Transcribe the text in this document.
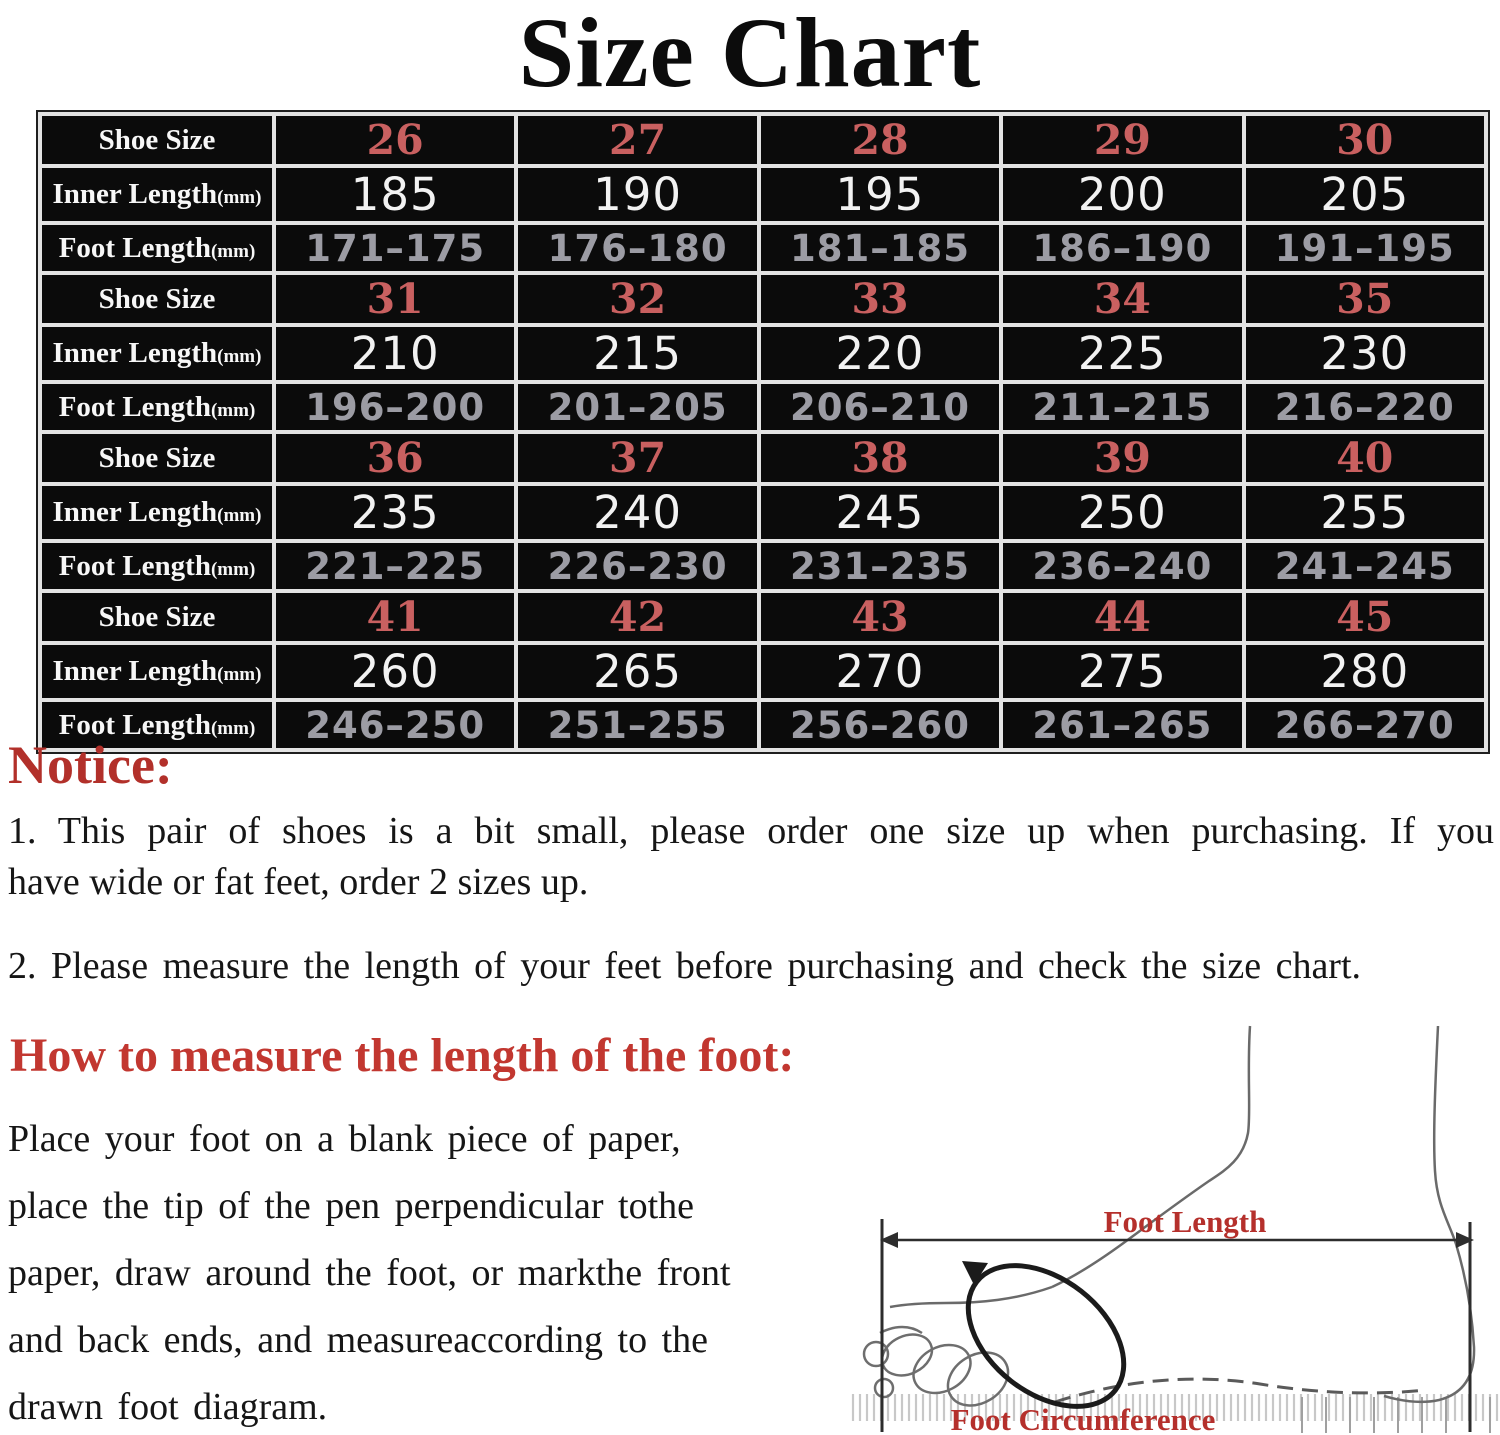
Size Chart
Shoe Size	26	27	28	29	30
Inner Length(mm)	185	190	195	200	205
Foot Length(mm)	171–175	176–180	181–185	186–190	191–195
Shoe Size	31	32	33	34	35
Inner Length(mm)	210	215	220	225	230
Foot Length(mm)	196–200	201–205	206–210	211–215	216–220
Shoe Size	36	37	38	39	40
Inner Length(mm)	235	240	245	250	255
Foot Length(mm)	221–225	226–230	231–235	236–240	241–245
Shoe Size	41	42	43	44	45
Inner Length(mm)	260	265	270	275	280
Foot Length(mm)	246–250	251–255	256–260	261–265	266–270
Notice:
1. This pair of shoes is a bit small, please order one size up when purchasing. If you
have wide or fat feet, order 2 sizes up.
2. Please measure the length of your feet before purchasing and check the size chart.
How to measure the length of the foot:
Place your foot on a blank piece of paper,
place the tip of the pen perpendicular tothe
paper, draw around the foot, or markthe front
and back ends, and measureaccording to the
drawn foot diagram.
Foot Length
Foot Circumference
